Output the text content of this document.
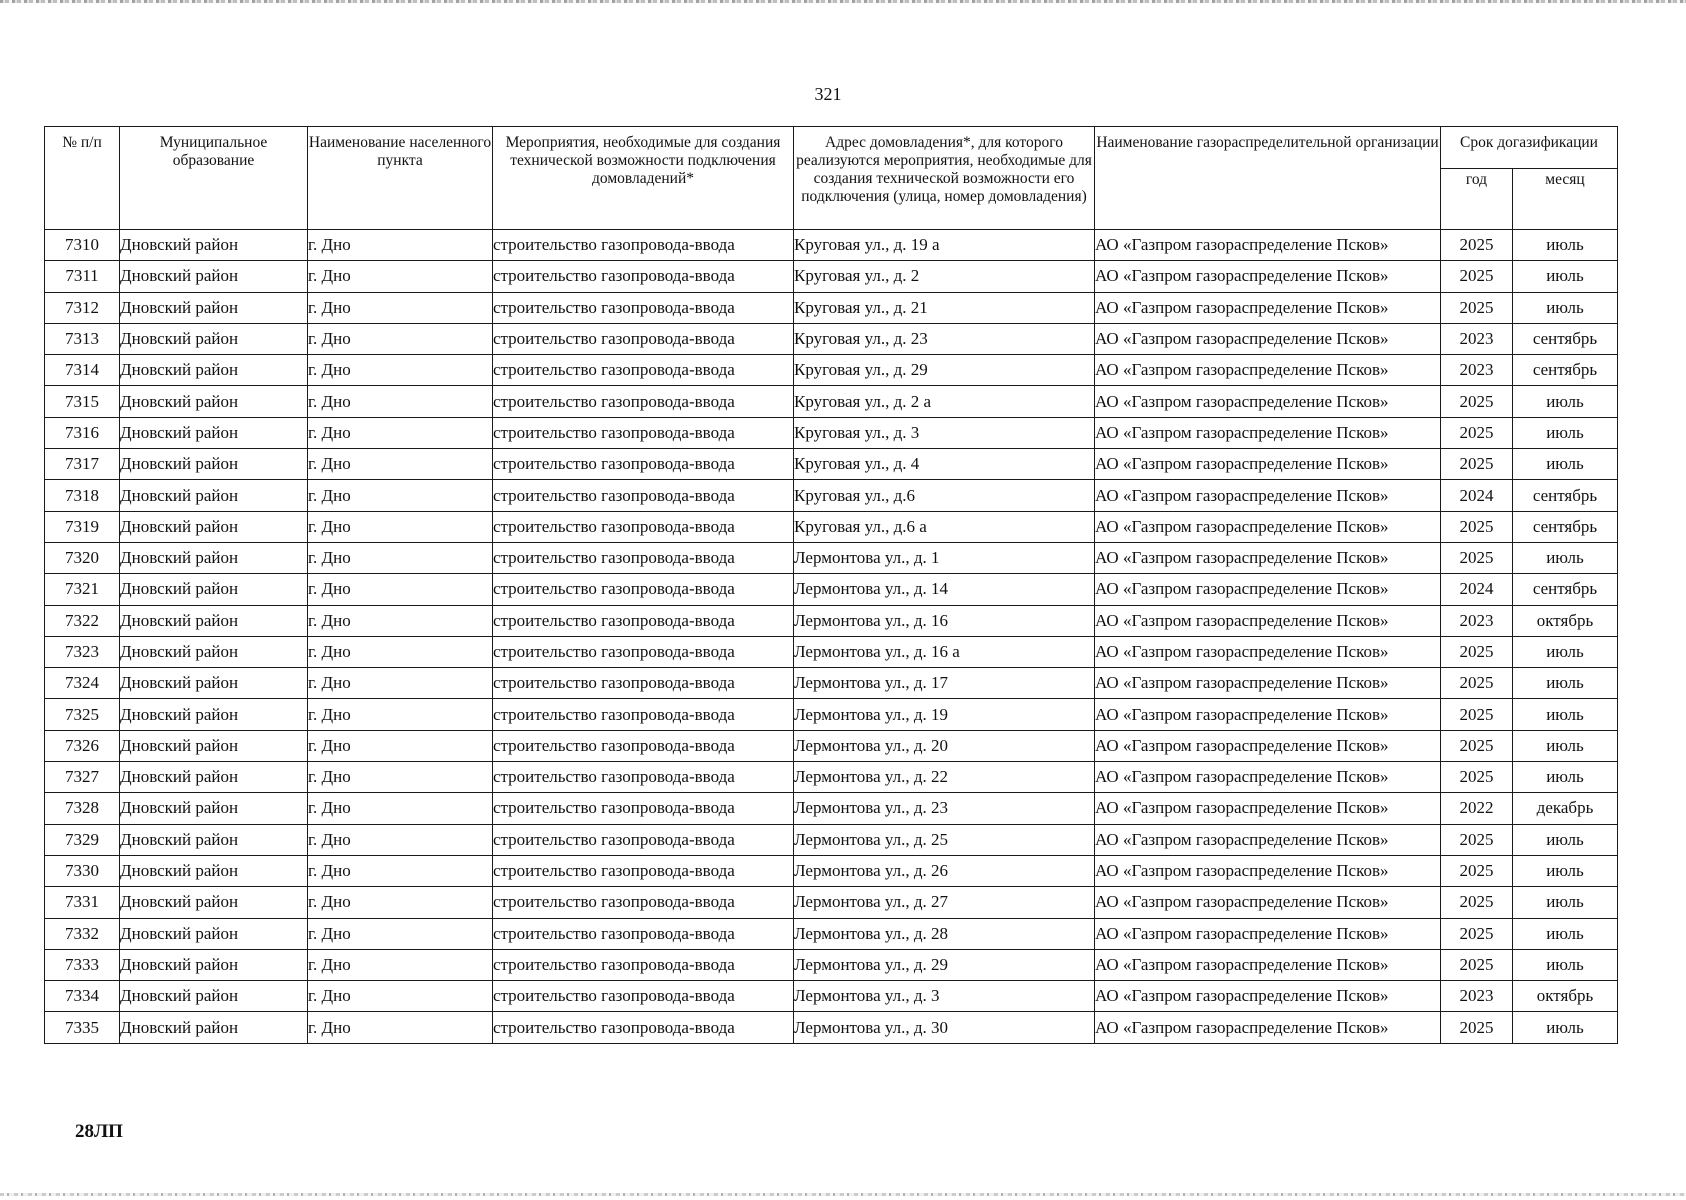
321
№ п/п	Муниципальное образование	Наименование населенного пункта	Мероприятия, необходимые для создания технической возможности подключения домовладений*	Адрес домовладения*, для которого реализуются мероприятия, необходимые для создания технической возможности его подключения (улица, номер домовладения)	Наименование газораспределительной организации	Срок догазификации	
						год	месяц
7310	Дновский район	г. Дно	строительство газопровода-ввода	Круговая ул., д. 19 а	АО «Газпром газораспределение Псков»	2025	июль
7311	Дновский район	г. Дно	строительство газопровода-ввода	Круговая ул., д. 2	АО «Газпром газораспределение Псков»	2025	июль
7312	Дновский район	г. Дно	строительство газопровода-ввода	Круговая ул., д. 21	АО «Газпром газораспределение Псков»	2025	июль
7313	Дновский район	г. Дно	строительство газопровода-ввода	Круговая ул., д. 23	АО «Газпром газораспределение Псков»	2023	сентябрь
7314	Дновский район	г. Дно	строительство газопровода-ввода	Круговая ул., д. 29	АО «Газпром газораспределение Псков»	2023	сентябрь
7315	Дновский район	г. Дно	строительство газопровода-ввода	Круговая ул., д. 2 а	АО «Газпром газораспределение Псков»	2025	июль
7316	Дновский район	г. Дно	строительство газопровода-ввода	Круговая ул., д. 3	АО «Газпром газораспределение Псков»	2025	июль
7317	Дновский район	г. Дно	строительство газопровода-ввода	Круговая ул., д. 4	АО «Газпром газораспределение Псков»	2025	июль
7318	Дновский район	г. Дно	строительство газопровода-ввода	Круговая ул., д.6	АО «Газпром газораспределение Псков»	2024	сентябрь
7319	Дновский район	г. Дно	строительство газопровода-ввода	Круговая ул., д.6 а	АО «Газпром газораспределение Псков»	2025	сентябрь
7320	Дновский район	г. Дно	строительство газопровода-ввода	Лермонтова ул., д. 1	АО «Газпром газораспределение Псков»	2025	июль
7321	Дновский район	г. Дно	строительство газопровода-ввода	Лермонтова ул., д. 14	АО «Газпром газораспределение Псков»	2024	сентябрь
7322	Дновский район	г. Дно	строительство газопровода-ввода	Лермонтова ул., д. 16	АО «Газпром газораспределение Псков»	2023	октябрь
7323	Дновский район	г. Дно	строительство газопровода-ввода	Лермонтова ул., д. 16 а	АО «Газпром газораспределение Псков»	2025	июль
7324	Дновский район	г. Дно	строительство газопровода-ввода	Лермонтова ул., д. 17	АО «Газпром газораспределение Псков»	2025	июль
7325	Дновский район	г. Дно	строительство газопровода-ввода	Лермонтова ул., д. 19	АО «Газпром газораспределение Псков»	2025	июль
7326	Дновский район	г. Дно	строительство газопровода-ввода	Лермонтова ул., д. 20	АО «Газпром газораспределение Псков»	2025	июль
7327	Дновский район	г. Дно	строительство газопровода-ввода	Лермонтова ул., д. 22	АО «Газпром газораспределение Псков»	2025	июль
7328	Дновский район	г. Дно	строительство газопровода-ввода	Лермонтова ул., д. 23	АО «Газпром газораспределение Псков»	2022	декабрь
7329	Дновский район	г. Дно	строительство газопровода-ввода	Лермонтова ул., д. 25	АО «Газпром газораспределение Псков»	2025	июль
7330	Дновский район	г. Дно	строительство газопровода-ввода	Лермонтова ул., д. 26	АО «Газпром газораспределение Псков»	2025	июль
7331	Дновский район	г. Дно	строительство газопровода-ввода	Лермонтова ул., д. 27	АО «Газпром газораспределение Псков»	2025	июль
7332	Дновский район	г. Дно	строительство газопровода-ввода	Лермонтова ул., д. 28	АО «Газпром газораспределение Псков»	2025	июль
7333	Дновский район	г. Дно	строительство газопровода-ввода	Лермонтова ул., д. 29	АО «Газпром газораспределение Псков»	2025	июль
7334	Дновский район	г. Дно	строительство газопровода-ввода	Лермонтова ул., д. 3	АО «Газпром газораспределение Псков»	2023	октябрь
7335	Дновский район	г. Дно	строительство газопровода-ввода	Лермонтова ул., д. 30	АО «Газпром газораспределение Псков»	2025	июль
28ЛП
